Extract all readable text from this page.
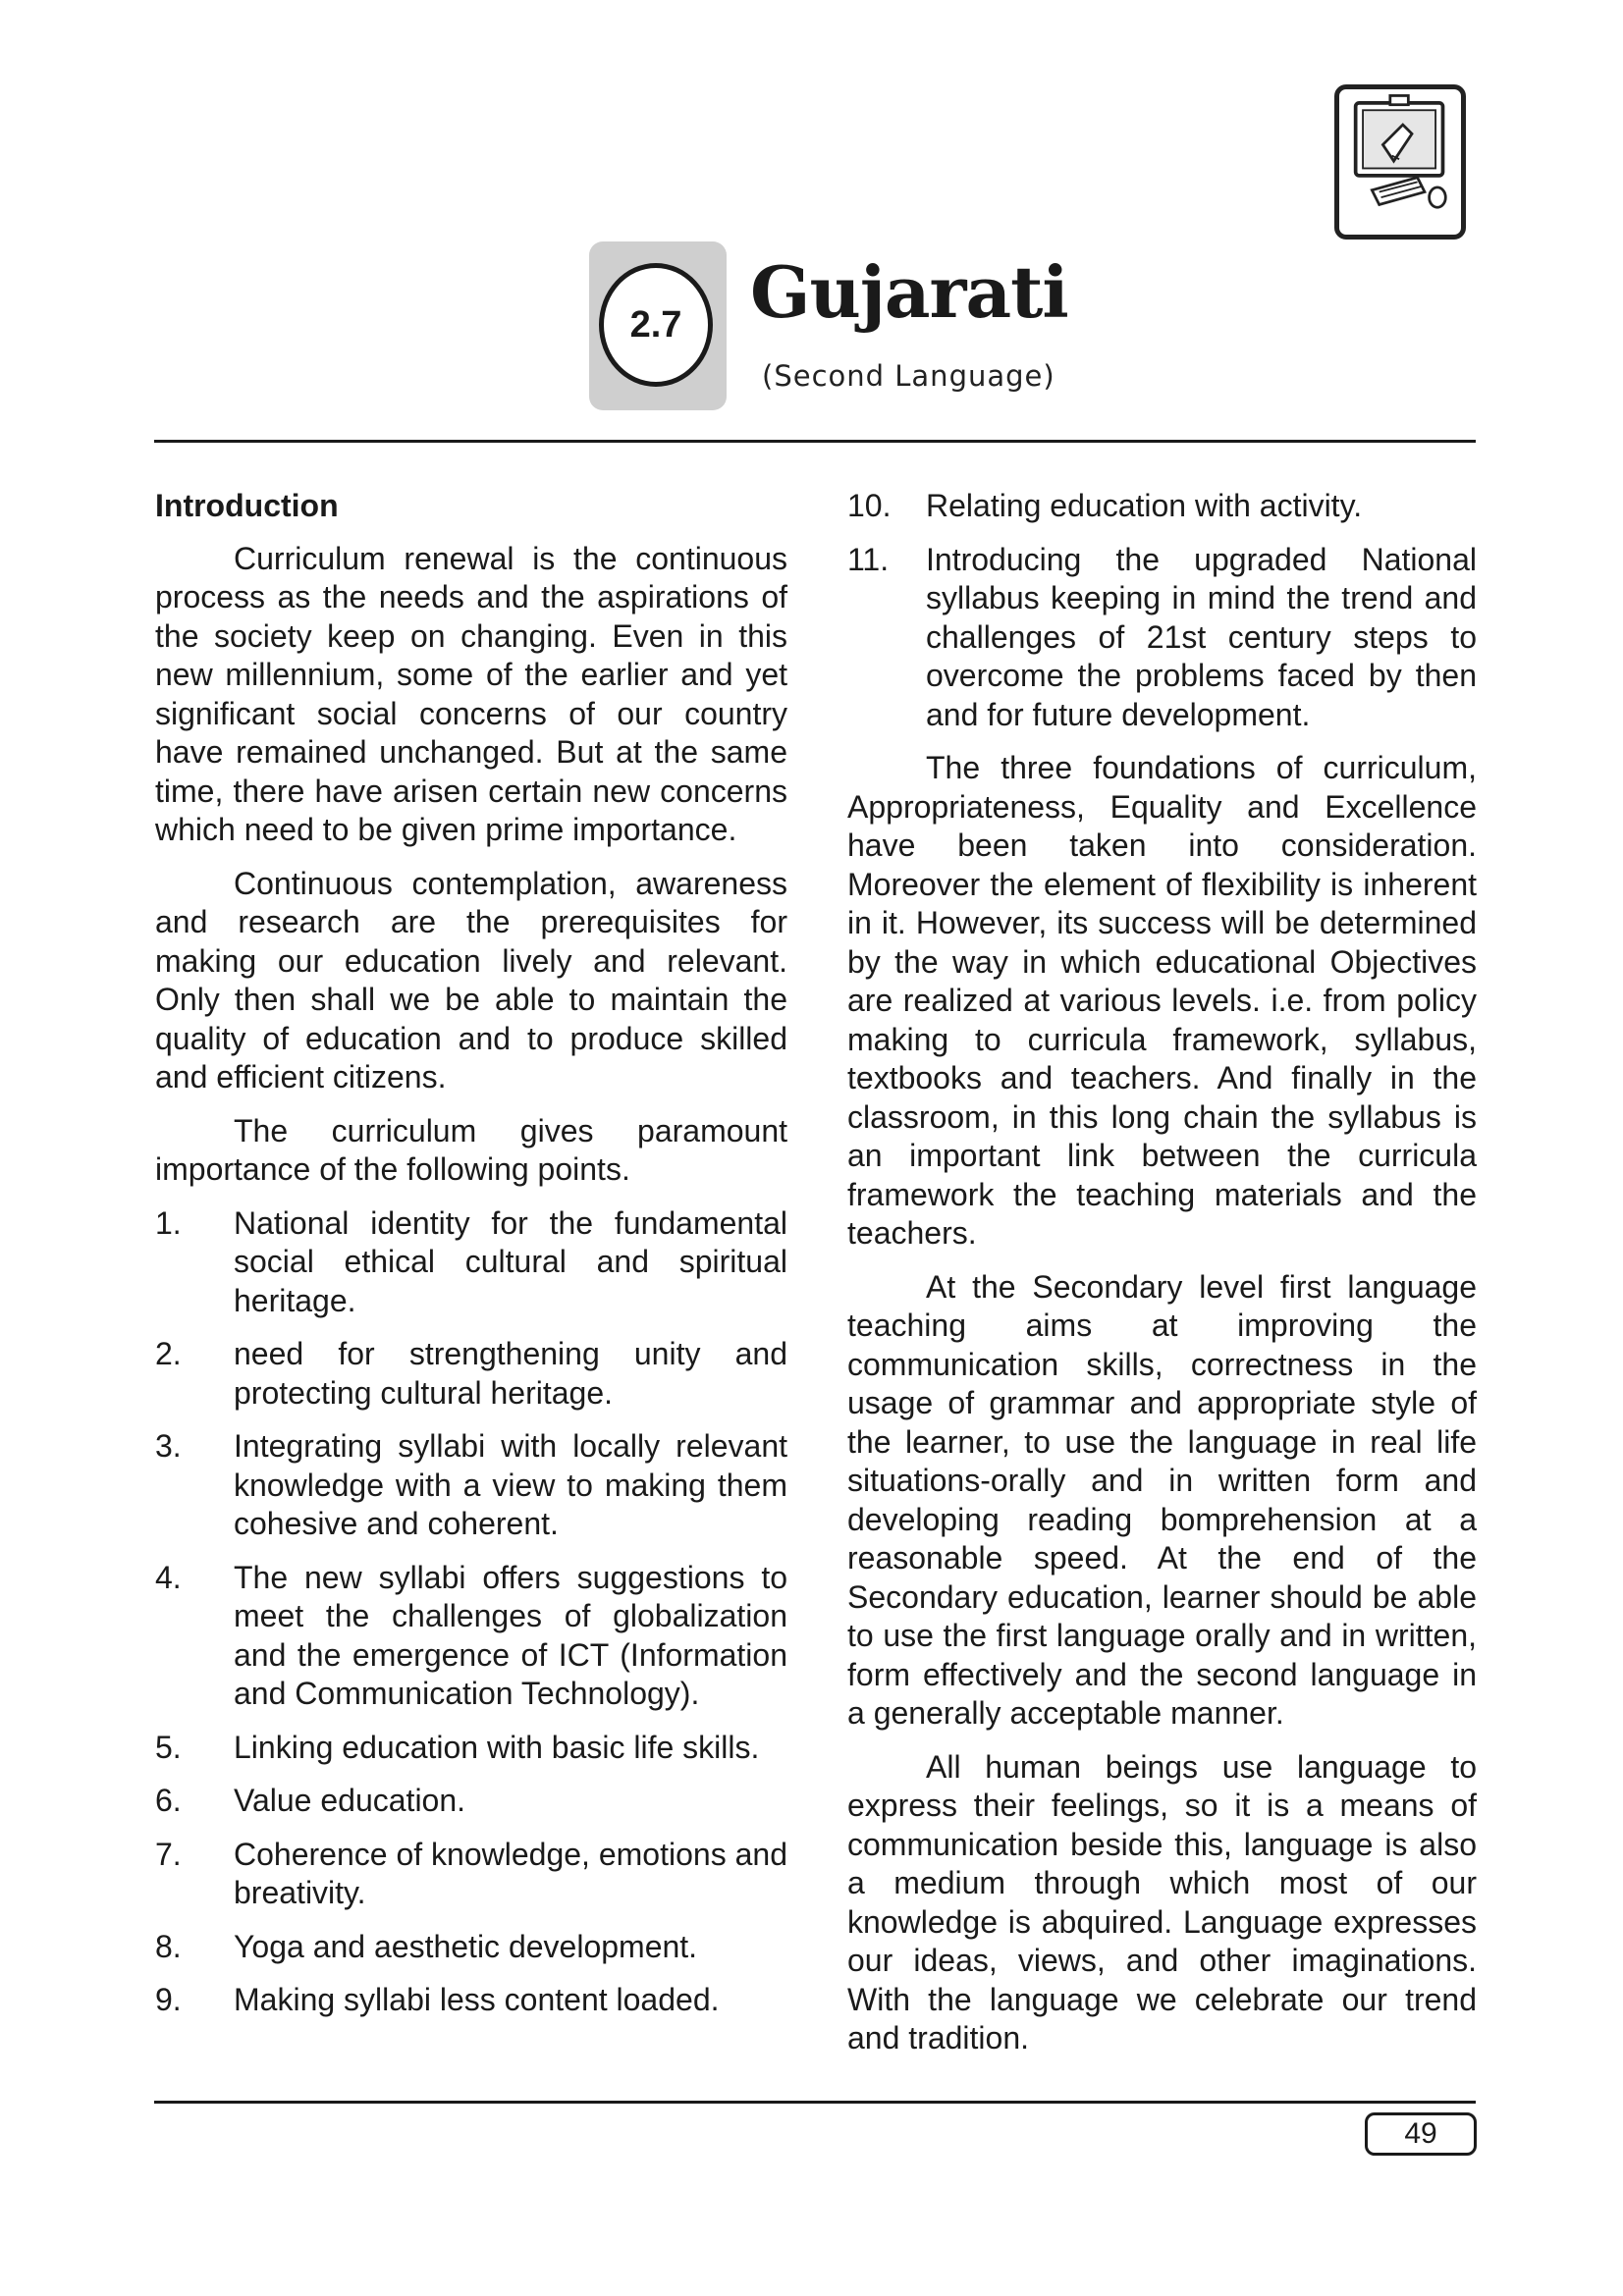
2.7 Gujarati
(Second Language)
Introduction

Curriculum renewal is the continuous process as the needs and the aspirations of the society keep on changing. Even in this new millennium, some of the earlier and yet significant social concerns of our country have remained unchanged. But at the same time, there have arisen certain new concerns which need to be given prime importance.

Continuous contemplation, awareness and research are the prerequisites for making our education lively and relevant. Only then shall we be able to maintain the quality of education and to produce skilled and efficient citizens.

The curriculum gives paramount importance of the following points.

1.	National identity for the fundamental social ethical cultural and spiritual heritage.
2.	need for strengthening unity and protecting cultural heritage.
3.	Integrating syllabi with locally relevant knowledge with a view to making them cohesive and coherent.
4.	The new syllabi offers suggestions to meet the challenges of globalization and the emergence of ICT (Information and Communication Technology).
5.	Linking education with basic life skills.
6.	Value education.
7.	Coherence of knowledge, emotions and breativity.
8.	Yoga and aesthetic development.
9.	Making syllabi less content loaded.
10.	Relating education with activity.
11.	Introducing the upgraded National syllabus keeping in mind the trend and challenges of 21st century steps to overcome the problems faced by then and for future development.

The three foundations of curriculum, Appropriateness, Equality and Excellence have been taken into consideration. Moreover the element of flexibility is inherent in it. However, its success will be determined by the way in which educational Objectives are realized at various levels. i.e. from policy making to curricula framework, syllabus, textbooks and teachers. And finally in the classroom, in this long chain the syllabus is an important link between the curricula framework the teaching materials and the teachers.

At the Secondary level first language teaching aims at improving the communication skills, correctness in the usage of grammar and appropriate style of the learner, to use the language in real life situations-orally and in written form and developing reading bomprehension at a reasonable speed. At the end of the Secondary education, learner should be able to use the first language orally and in written, form effectively and the second language in a generally acceptable manner.

All human beings use language to express their feelings, so it is a means of communication beside this, language is also a medium through which most of our knowledge is abquired. Language expresses our ideas, views, and other imaginations. With the language we celebrate our trend and tradition.

49
